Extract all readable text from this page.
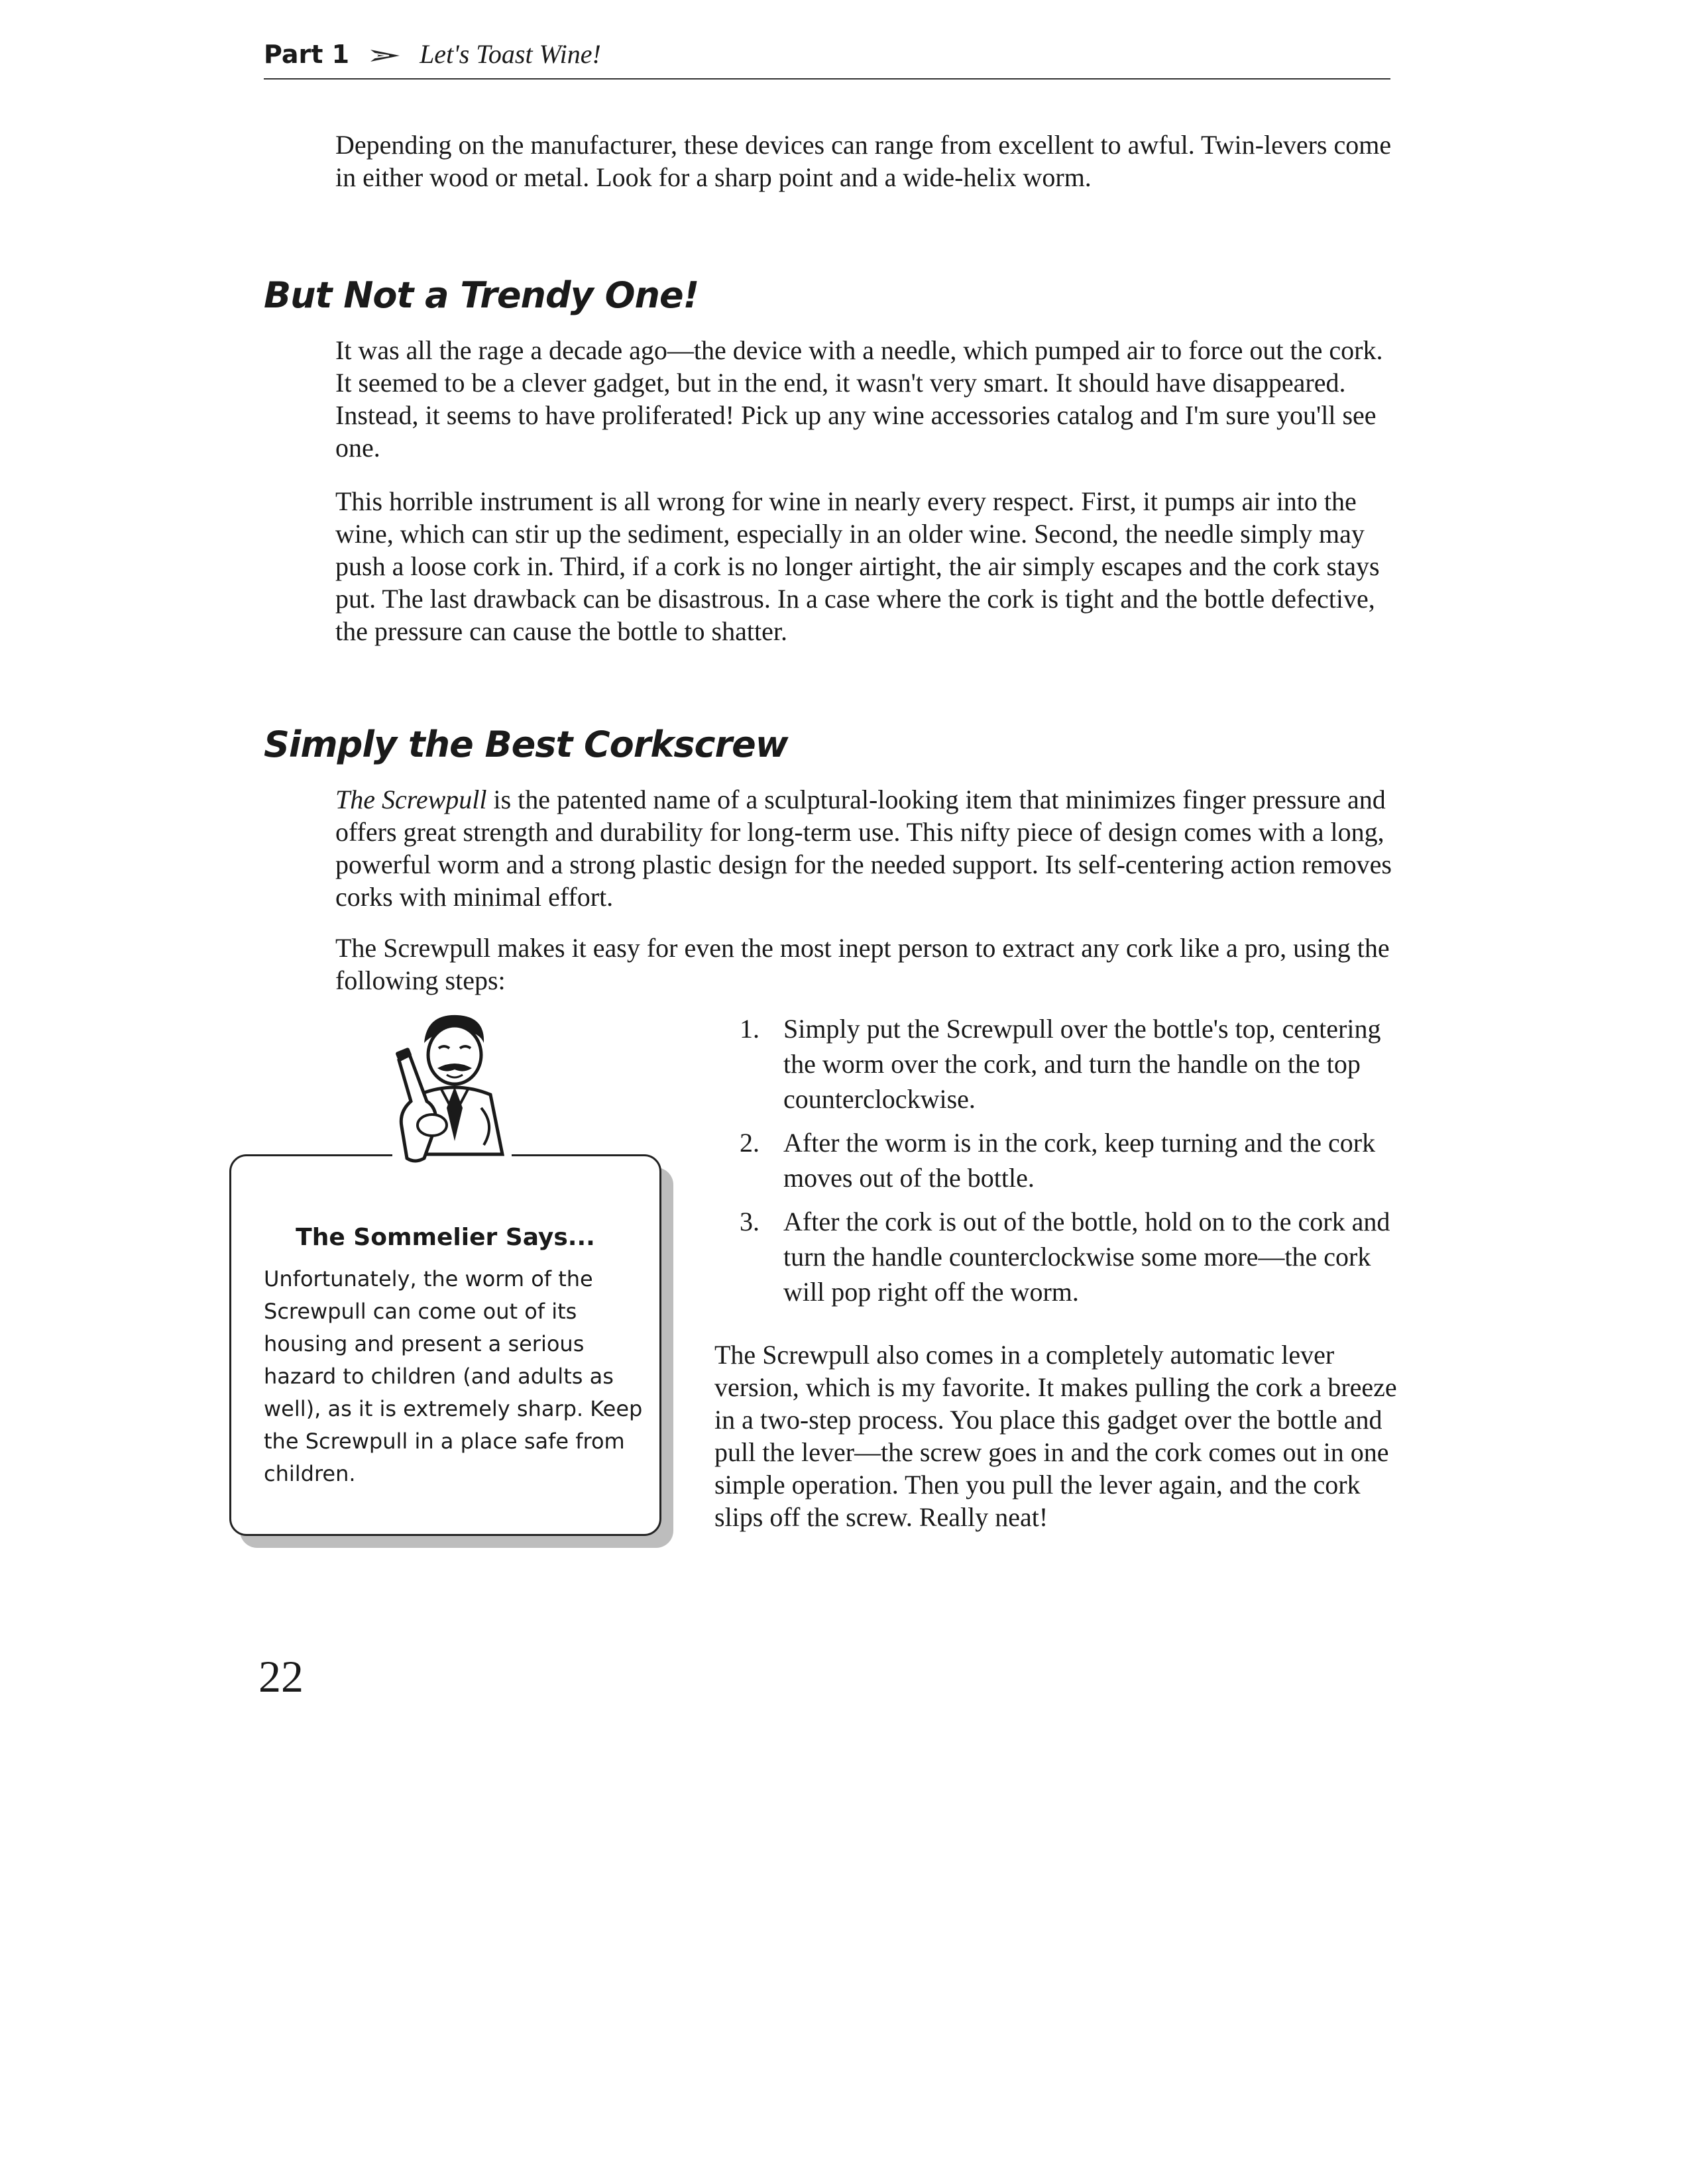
Part 1	Let's Toast Wine!

Depending on the manufacturer, these devices can range from excellent to awful. Twin-levers come in either wood or metal. Look for a sharp point and a wide-helix worm.

But Not a Trendy One!

It was all the rage a decade ago—the device with a needle, which pumped air to force out the cork. It seemed to be a clever gadget, but in the end, it wasn't very smart. It should have disappeared. Instead, it seems to have proliferated! Pick up any wine accessories catalog and I'm sure you'll see one.

This horrible instrument is all wrong for wine in nearly every respect. First, it pumps air into the wine, which can stir up the sediment, especially in an older wine. Second, the needle simply may push a loose cork in. Third, if a cork is no longer airtight, the air simply escapes and the cork stays put. The last drawback can be disastrous. In a case where the cork is tight and the bottle defective, the pressure can cause the bottle to shatter.

Simply the Best Corkscrew

The Screwpull is the patented name of a sculptural-looking item that minimizes finger pressure and offers great strength and durability for long-term use. This nifty piece of design comes with a long, powerful worm and a strong plastic design for the needed support. Its self-centering action removes corks with minimal effort.

The Screwpull makes it easy for even the most inept person to extract any cork like a pro, using the following steps:

1. Simply put the Screwpull over the bottle's top, centering the worm over the cork, and turn the handle on the top counterclockwise.
2. After the worm is in the cork, keep turning and the cork moves out of the bottle.
3. After the cork is out of the bottle, hold on to the cork and turn the handle counterclockwise some more—the cork will pop right off the worm.

The Screwpull also comes in a completely automatic lever version, which is my favorite. It makes pulling the cork a breeze in a two-step process. You place this gadget over the bottle and pull the lever—the screw goes in and the cork comes out in one simple operation. Then you pull the lever again, and the cork slips off the screw. Really neat!

The Sommelier Says...

Unfortunately, the worm of the Screwpull can come out of its housing and present a serious hazard to children (and adults as well), as it is extremely sharp. Keep the Screwpull in a place safe from children.

22
